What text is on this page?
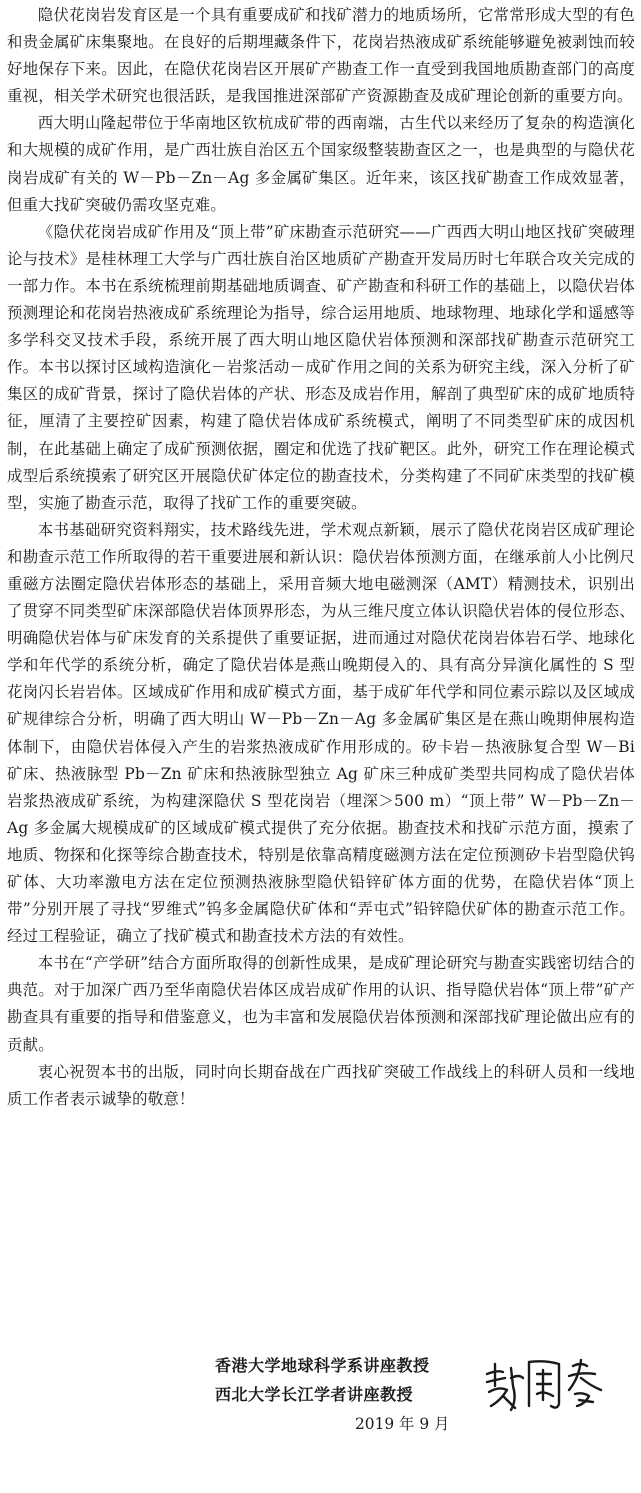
隐伏花岗岩发育区是一个具有重要成矿和找矿潜力的地质场所，它常常形成大型的有色和贵金属矿床集聚地。在良好的后期埋藏条件下，花岗岩热液成矿系统能够避免被剥蚀而较好地保存下来。因此，在隐伏花岗岩区开展矿产勘查工作一直受到我国地质勘查部门的高度重视，相关学术研究也很活跃，是我国推进深部矿产资源勘查及成矿理论创新的重要方向。

西大明山隆起带位于华南地区钦杭成矿带的西南端，古生代以来经历了复杂的构造演化和大规模的成矿作用，是广西壮族自治区五个国家级整装勘查区之一，也是典型的与隐伏花岗岩成矿有关的 W－Pb－Zn－Ag 多金属矿集区。近年来，该区找矿勘查工作成效显著，但重大找矿突破仍需攻坚克难。

《隐伏花岗岩成矿作用及“顶上带”矿床勘查示范研究——广西西大明山地区找矿突破理论与技术》是桂林理工大学与广西壮族自治区地质矿产勘查开发局历时七年联合攻关完成的一部力作。本书在系统梳理前期基础地质调查、矿产勘查和科研工作的基础上，以隐伏岩体预测理论和花岗岩热液成矿系统理论为指导，综合运用地质、地球物理、地球化学和遥感等多学科交叉技术手段，系统开展了西大明山地区隐伏岩体预测和深部找矿勘查示范研究工作。本书以探讨区域构造演化－岩浆活动－成矿作用之间的关系为研究主线，深入分析了矿集区的成矿背景，探讨了隐伏岩体的产状、形态及成岩作用，解剖了典型矿床的成矿地质特征，厘清了主要控矿因素，构建了隐伏岩体成矿系统模式，阐明了不同类型矿床的成因机制，在此基础上确定了成矿预测依据，圈定和优选了找矿靶区。此外，研究工作在理论模式成型后系统摸索了研究区开展隐伏矿体定位的勘查技术，分类构建了不同矿床类型的找矿模型，实施了勘查示范，取得了找矿工作的重要突破。

本书基础研究资料翔实，技术路线先进，学术观点新颖，展示了隐伏花岗岩区成矿理论和勘查示范工作所取得的若干重要进展和新认识：隐伏岩体预测方面，在继承前人小比例尺重磁方法圈定隐伏岩体形态的基础上，采用音频大地电磁测深（AMT）精测技术，识别出了贯穿不同类型矿床深部隐伏岩体顶界形态，为从三维尺度立体认识隐伏岩体的侵位形态、明确隐伏岩体与矿床发育的关系提供了重要证据，进而通过对隐伏花岗岩体岩石学、地球化学和年代学的系统分析，确定了隐伏岩体是燕山晚期侵入的、具有高分异演化属性的 S 型花岗闪长岩岩体。区域成矿作用和成矿模式方面，基于成矿年代学和同位素示踪以及区域成矿规律综合分析，明确了西大明山 W－Pb－Zn－Ag 多金属矿集区是在燕山晚期伸展构造体制下，由隐伏岩体侵入产生的岩浆热液成矿作用形成的。矽卡岩－热液脉复合型 W－Bi 矿床、热液脉型 Pb－Zn 矿床和热液脉型独立 Ag 矿床三种成矿类型共同构成了隐伏岩体岩浆热液成矿系统，为构建深隐伏 S 型花岗岩（埋深＞500 m）“顶上带” W－Pb－Zn－Ag 多金属大规模成矿的区域成矿模式提供了充分依据。勘查技术和找矿示范方面，摸索了地质、物探和化探等综合勘查技术，特别是依靠高精度磁测方法在定位预测矽卡岩型隐伏钨矿体、大功率激电方法在定位预测热液脉型隐伏铅锌矿体方面的优势，在隐伏岩体“顶上带”分别开展了寻找“罗维式”钨多金属隐伏矿体和“弄屯式”铅锌隐伏矿体的勘查示范工作。经过工程验证，确立了找矿模式和勘查技术方法的有效性。

本书在“产学研”结合方面所取得的创新性成果，是成矿理论研究与勘查实践密切结合的典范。对于加深广西乃至华南隐伏岩体区成岩成矿作用的认识、指导隐伏岩体“顶上带”矿产勘查具有重要的指导和借鉴意义，也为丰富和发展隐伏岩体预测和深部找矿理论做出应有的贡献。

衷心祝贺本书的出版，同时向长期奋战在广西找矿突破工作战线上的科研人员和一线地质工作者表示诚挚的敬意！

香港大学地球科学系讲座教授
西北大学长江学者讲座教授
2019 年 9 月
